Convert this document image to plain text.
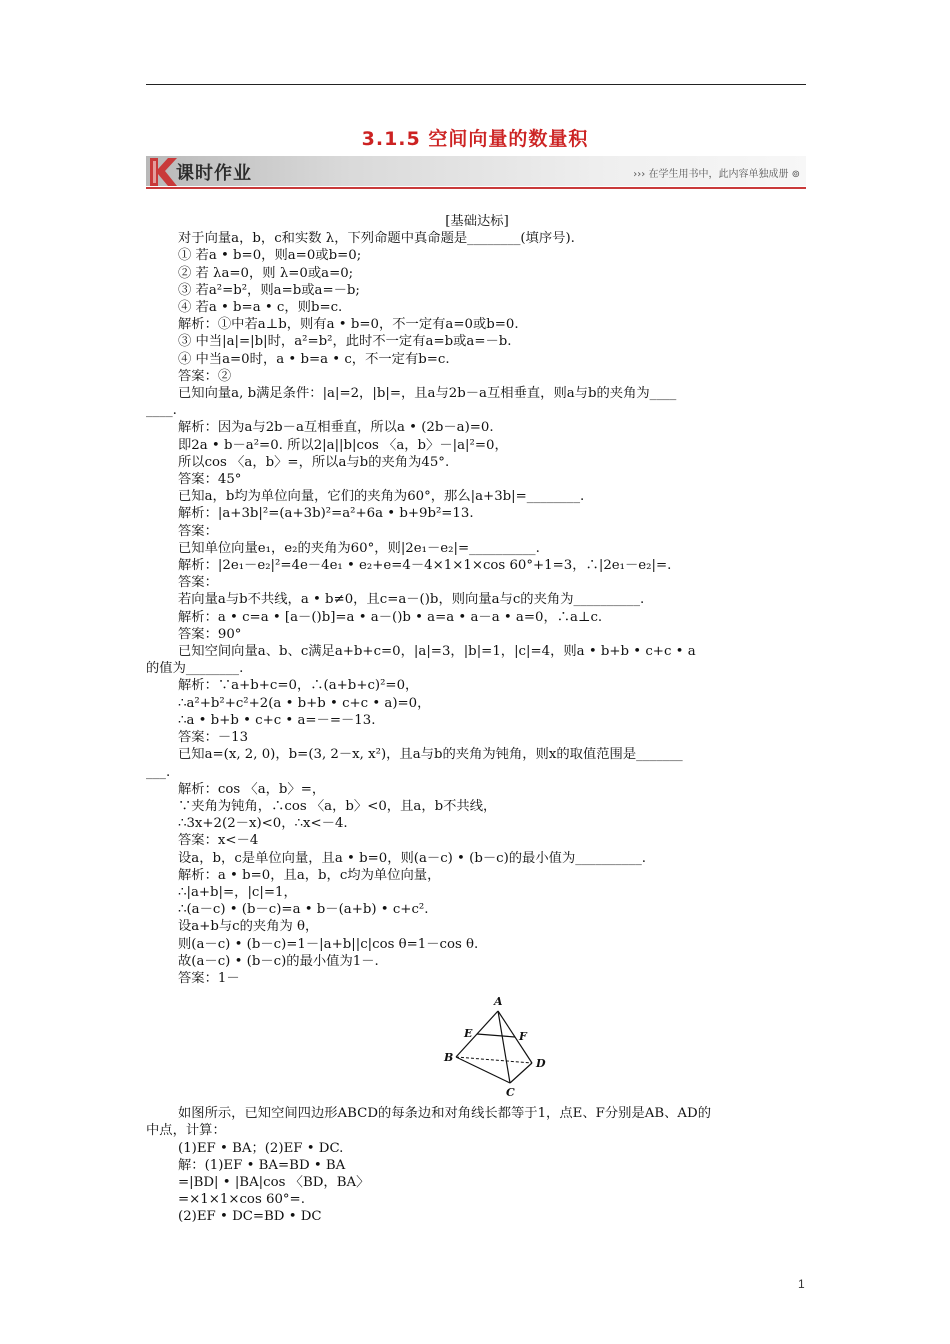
3.1.5 空间向量的数量积
课时作业	››› 在学生用书中，此内容单独成册 ⊚
[基础达标]
对于向量a，b，c和实数 λ，下列命题中真命题是________(填序号).
① 若a • b=0，则a=0或b=0;
② 若 λa=0，则 λ=0或a=0;
③ 若a²=b²，则a=b或a=－b;
④ 若a • b=a • c，则b=c.
解析：①中若a⊥b，则有a • b=0，不一定有a=0或b=0.
③ 中当|a|=|b|时，a²=b²，此时不一定有a=b或a=－b.
④ 中当a=0时，a • b=a • c，不一定有b=c.
答案：②
已知向量a, b满足条件：|a|=2，|b|=，且a与2b－a互相垂直，则a与b的夹角为____
____.
解析：因为a与2b－a互相垂直，所以a • (2b－a)=0.
即2a • b－a²=0. 所以2|a||b|cos 〈a，b〉－|a|²=0，
所以cos 〈a，b〉=，所以a与b的夹角为45°.
答案：45°
已知a，b均为单位向量，它们的夹角为60°，那么|a+3b|=________.
解析：|a+3b|²=(a+3b)²=a²+6a • b+9b²=13.
答案：
已知单位向量e₁，e₂的夹角为60°，则|2e₁－e₂|=__________.
解析：|2e₁－e₂|²=4e－4e₁ • e₂+e=4－4×1×1×cos 60°+1=3，∴|2e₁－e₂|=.
答案：
若向量a与b不共线，a • b≠0，且c=a－()b，则向量a与c的夹角为__________.
解析：a • c=a • [a－()b]=a • a－()b • a=a • a－a • a=0，∴a⊥c.
答案：90°
已知空间向量a、b、c满足a+b+c=0，|a|=3，|b|=1，|c|=4，则a • b+b • c+c • a
的值为________.
解析：∵a+b+c=0，∴(a+b+c)²=0，
∴a²+b²+c²+2(a • b+b • c+c • a)=0，
∴a • b+b • c+c • a=－=－13.
答案：－13
已知a=(x, 2, 0)，b=(3, 2－x, x²)，且a与b的夹角为钝角，则x的取值范围是_______
___.
解析：cos 〈a，b〉=，
∵夹角为钝角，∴cos 〈a，b〉<0，且a，b不共线，
∴3x+2(2－x)<0，∴x<－4.
答案：x<－4
设a，b，c是单位向量，且a • b=0，则(a－c) • (b－c)的最小值为__________.
解析：a • b=0，且a，b，c均为单位向量，
∴|a+b|=，|c|=1，
∴(a－c) • (b－c)=a • b－(a+b) • c+c².
设a+b与c的夹角为 θ，
则(a－c) • (b－c)=1－|a+b||c|cos θ=1－cos θ.
故(a－c) • (b－c)的最小值为1－.
答案：1－
A
E	F
B	D
C
如图所示，已知空间四边形ABCD的每条边和对角线长都等于1，点E、F分别是AB、AD的
中点，计算：
(1)EF • BA；(2)EF • DC.
解：(1)EF • BA=BD • BA
=|BD| • |BA|cos 〈BD，BA〉
=×1×1×cos 60°=.
(2)EF • DC=BD • DC
1
